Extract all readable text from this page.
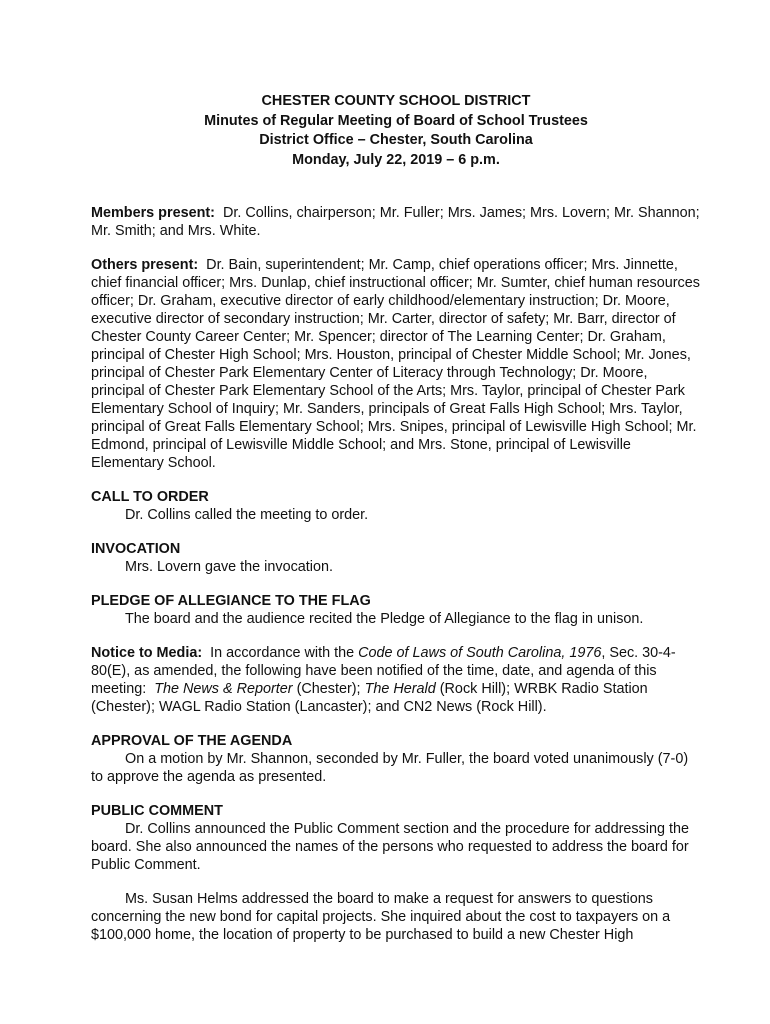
CHESTER COUNTY SCHOOL DISTRICT
Minutes of Regular Meeting of Board of School Trustees
District Office – Chester, South Carolina
Monday, July 22, 2019 – 6 p.m.

Members present: Dr. Collins, chairperson; Mr. Fuller; Mrs. James; Mrs. Lovern; Mr. Shannon; Mr. Smith; and Mrs. White.

Others present: Dr. Bain, superintendent; Mr. Camp, chief operations officer; Mrs. Jinnette, chief financial officer; Mrs. Dunlap, chief instructional officer; Mr. Sumter, chief human resources officer; Dr. Graham, executive director of early childhood/elementary instruction; Dr. Moore, executive director of secondary instruction; Mr. Carter, director of safety; Mr. Barr, director of Chester County Career Center; Mr. Spencer; director of The Learning Center; Dr. Graham, principal of Chester High School; Mrs. Houston, principal of Chester Middle School; Mr. Jones, principal of Chester Park Elementary Center of Literacy through Technology; Dr. Moore, principal of Chester Park Elementary School of the Arts; Mrs. Taylor, principal of Chester Park Elementary School of Inquiry; Mr. Sanders, principals of Great Falls High School; Mrs. Taylor, principal of Great Falls Elementary School; Mrs. Snipes, principal of Lewisville High School; Mr. Edmond, principal of Lewisville Middle School; and Mrs. Stone, principal of Lewisville Elementary School.

CALL TO ORDER
Dr. Collins called the meeting to order.
INVOCATION
Mrs. Lovern gave the invocation.
PLEDGE OF ALLEGIANCE TO THE FLAG
The board and the audience recited the Pledge of Allegiance to the flag in unison.

Notice to Media: In accordance with the Code of Laws of South Carolina, 1976, Sec. 30-4-80(E), as amended, the following have been notified of the time, date, and agenda of this meeting: The News & Reporter (Chester); The Herald (Rock Hill); WRBK Radio Station (Chester); WAGL Radio Station (Lancaster); and CN2 News (Rock Hill).

APPROVAL OF THE AGENDA
On a motion by Mr. Shannon, seconded by Mr. Fuller, the board voted unanimously (7-0) to approve the agenda as presented.
PUBLIC COMMENT
Dr. Collins announced the Public Comment section and the procedure for addressing the board. She also announced the names of the persons who requested to address the board for Public Comment.
Ms. Susan Helms addressed the board to make a request for answers to questions concerning the new bond for capital projects. She inquired about the cost to taxpayers on a $100,000 home, the location of property to be purchased to build a new Chester High
